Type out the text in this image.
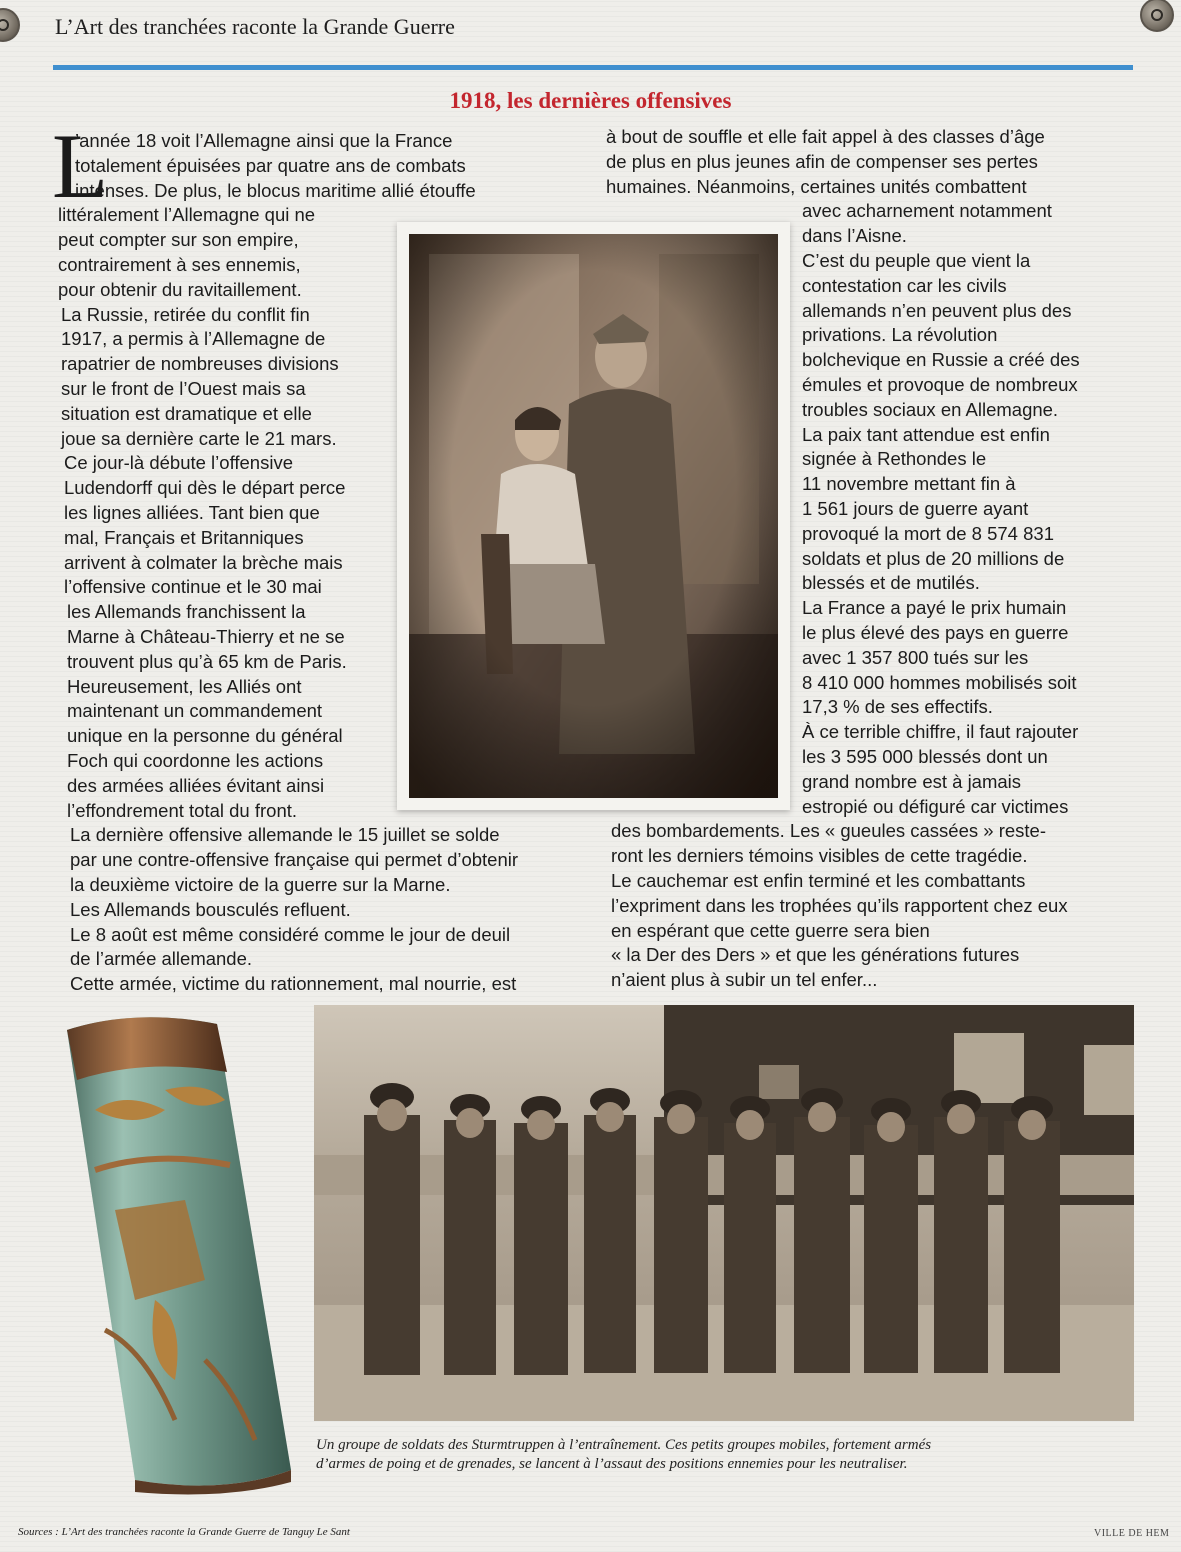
L’Art des tranchées raconte la Grande Guerre
1918, les dernières offensives
L
’année 18 voit l’Allemagne ainsi que la France
totalement épuisées par quatre ans de combats
intenses. De plus, le blocus maritime allié étouffe
littéralement l’Allemagne qui ne
peut compter sur son empire,
contrairement à ses ennemis,
pour obtenir du ravitaillement.
La Russie, retirée du conflit fin
1917, a permis à l’Allemagne de
rapatrier de nombreuses divisions
sur le front de l’Ouest mais sa
situation est dramatique et elle
joue sa dernière carte le 21 mars.
Ce jour-là débute l’offensive
Ludendorff qui dès le départ perce
les lignes alliées. Tant bien que
mal, Français et Britanniques
arrivent à colmater la brèche mais
l’offensive continue et le 30 mai
les Allemands franchissent la
Marne à Château-Thierry et ne se
trouvent plus qu’à 65 km de Paris.
Heureusement, les Alliés ont
maintenant un commandement
unique en la personne du général
Foch qui coordonne les actions
des armées alliées évitant ainsi
l’effondrement total du front.
La dernière offensive allemande le 15 juillet se solde
par une contre-offensive française qui permet d’obtenir
la deuxième victoire de la guerre sur la Marne.
Les Allemands bousculés refluent.
Le 8 août est même considéré comme le jour de deuil
de l’armée allemande.
Cette armée, victime du rationnement, mal nourrie, est
à bout de souffle et elle fait appel à des classes d’âge
de plus en plus jeunes afin de compenser ses pertes
humaines. Néanmoins, certaines unités combattent
avec acharnement notamment
dans l’Aisne.
C’est du peuple que vient la
contestation car les civils
allemands n’en peuvent plus des
privations. La révolution
bolchevique en Russie a créé des
émules et provoque de nombreux
troubles sociaux en Allemagne.
La paix tant attendue est enfin
signée à Rethondes le
11 novembre mettant fin à
1 561 jours de guerre ayant
provoqué la mort de 8 574 831
soldats et plus de 20 millions de
blessés et de mutilés.
La France a payé le prix humain
le plus élevé des pays en guerre
avec 1 357 800 tués sur les
8 410 000 hommes mobilisés soit
17,3 % de ses effectifs.
À ce terrible chiffre, il faut rajouter
les 3 595 000 blessés dont un
grand nombre est à jamais
estropié ou défiguré car victimes
des bombardements. Les « gueules cassées » reste-
ront les derniers témoins visibles de cette tragédie.
Le cauchemar est enfin terminé et les combattants
l’expriment dans les trophées qu’ils rapportent chez eux
en espérant que cette guerre sera bien
« la Der des Ders » et que les générations futures
n’aient plus à subir un tel enfer...
Un groupe de soldats des Sturmtruppen à l’entraînement. Ces petits groupes mobiles, fortement armés
d’armes de poing et de grenades, se lancent à l’assaut des positions ennemies pour les neutraliser.
Sources : L’Art des tranchées raconte la Grande Guerre de Tanguy Le Sant	VILLE DE HEM
